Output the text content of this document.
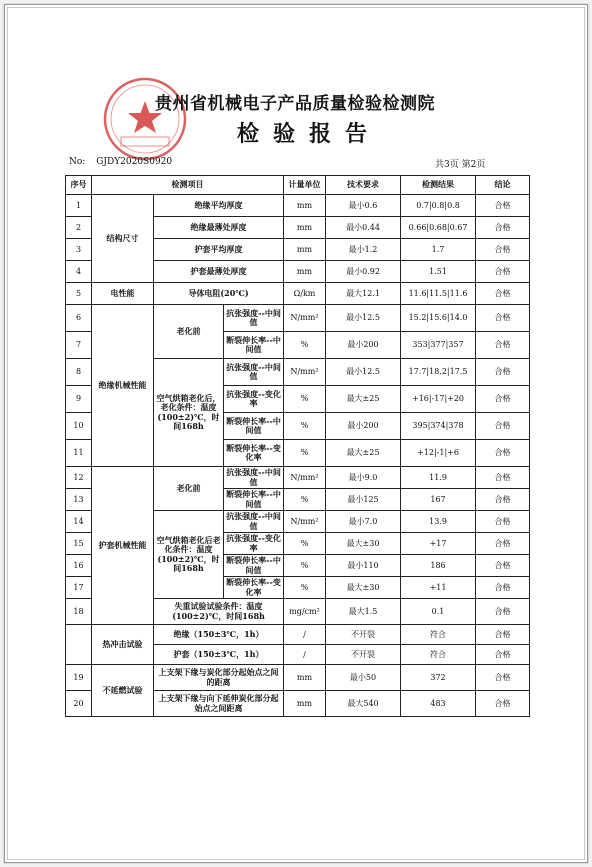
贵州省机械电子产品质量检验检测院
检验报告
No: GJDY2020S0920	共3页 第2页
序号	检测项目			计量单位	技术要求	检测结果	结论
1	结构尺寸	绝缘平均厚度		mm	最小0.6	0.7|0.8|0.8	合格
2		绝缘最薄处厚度		mm	最小0.44	0.66|0.68|0.67	合格
3		护套平均厚度		mm	最小1.2	1.7	合格
4		护套最薄处厚度		mm	最小0.92	1.51	合格
5	电性能	导体电阻(20℃)		Ω/km	最大12.1	11.6|11.5|11.6	合格
6	绝缘机械性能	老化前	抗张强度--中间值	N/mm²	最小12.5	15.2|15.6|14.0	合格
7			断裂伸长率--中间值	%	最小200	353|377|357	合格
8		空气烘箱老化后，老化条件：温度(100±2)℃，时间168h	抗张强度--中间值	N/mm²	最小12.5	17.7|18.2|17.5	合格
9			抗张强度--变化率	%	最大±25	+16|-17|+20	合格
10			断裂伸长率--中间值	%	最小200	395|374|378	合格
11			断裂伸长率--变化率	%	最大±25	+12|-1|+6	合格
12	护套机械性能	老化前	抗张强度--中间值	N/mm²	最小9.0	11.9	合格
13			断裂伸长率--中间值	%	最小125	167	合格
14		空气烘箱老化后老化条件：温度(100±2)℃，时间168h	抗张强度--中间值	N/mm²	最小7.0	13.9	合格
15			抗张强度--变化率	%	最大±30	+17	合格
16			断裂伸长率--中间值	%	最小110	186	合格
17			断裂伸长率--变化率	%	最大±30	+11	合格
18		失重试验试验条件：温度(100±2)℃，时间168h		mg/cm²	最大1.5	0.1	合格
	热冲击试验	绝缘（150±3℃，1h）		/	不开裂	符合	合格
		护套（150±3℃，1h）		/	不开裂	符合	合格
19	不延燃试验	上支架下缘与炭化部分起始点之间的距离		mm	最小50	372	合格
20		上支架下缘与向下延伸炭化部分起始点之间距离		mm	最大540	483	合格
